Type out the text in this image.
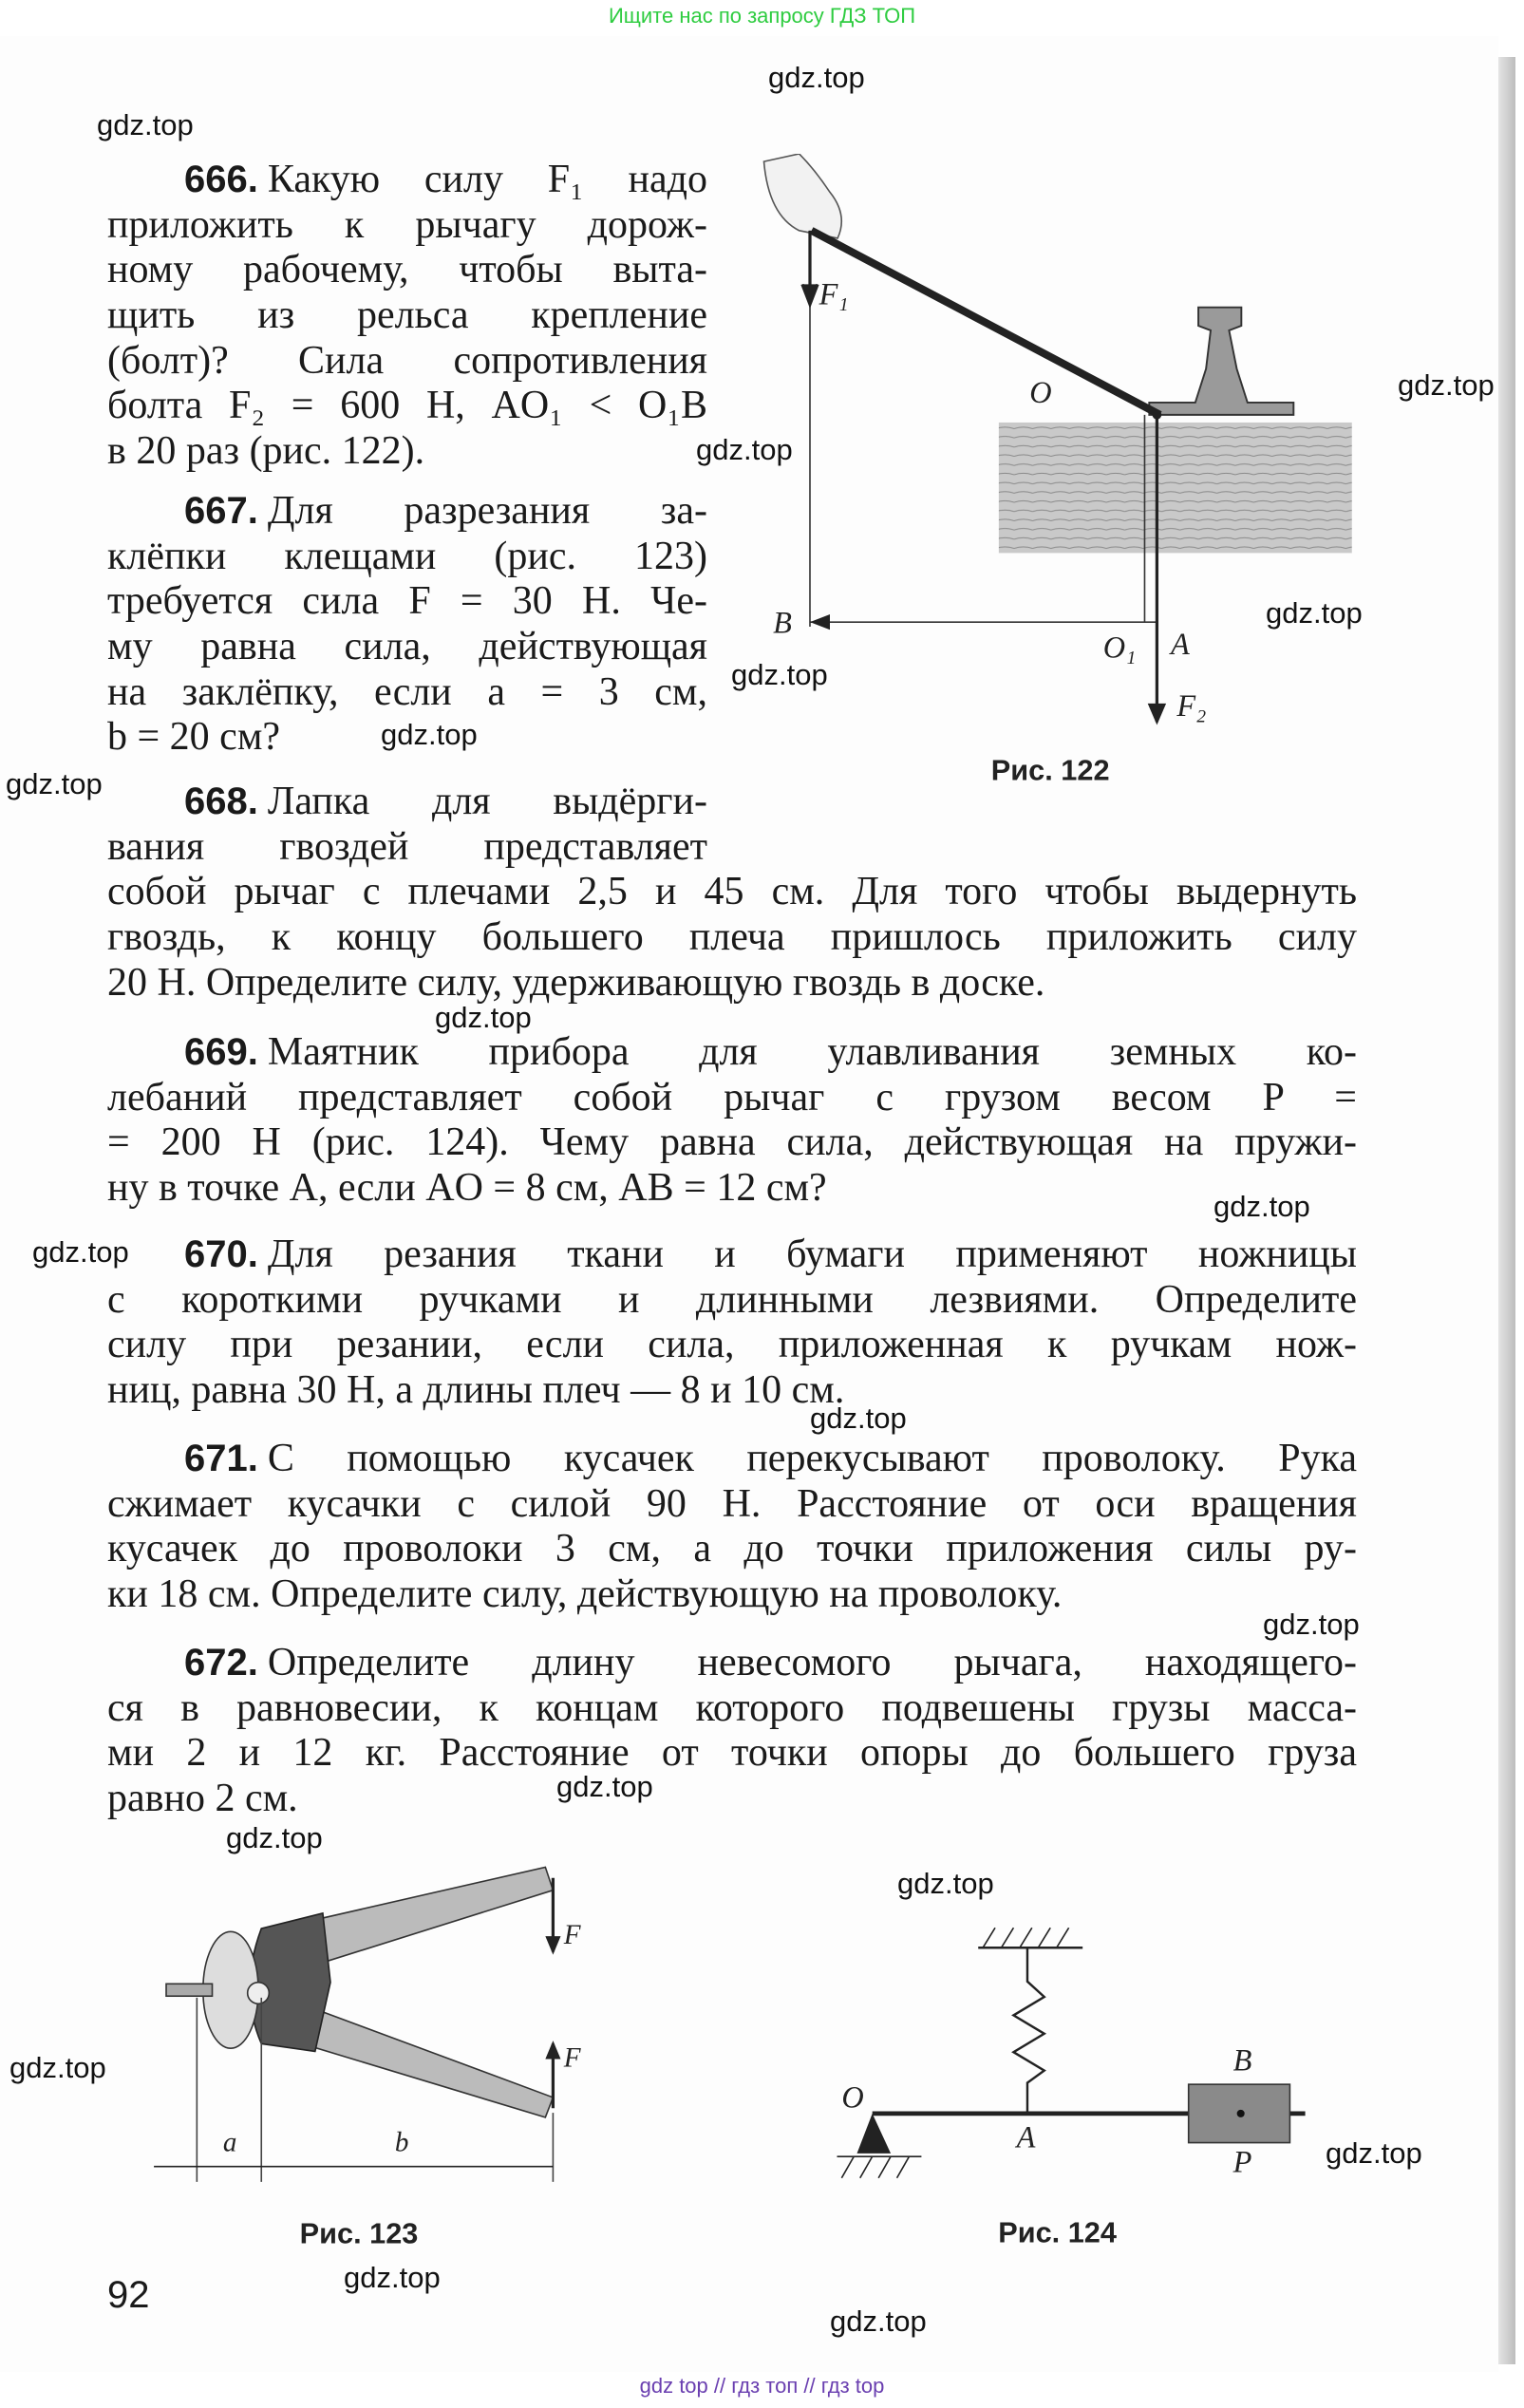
Ищите нас по запросу ГДЗ ТОП
666. Какую силу F₁ надо
приложить к рычагу дорож-
ному рабочему, чтобы выта-
щить из рельса крепление
(болт)? Сила сопротивления
болта F₂ = 600 Н, AO₁ < O₁B
в 20 раз (рис. 122).
667. Для разрезания за-
клёпки клещами (рис. 123)
требуется сила F = 30 Н. Че-
му равна сила, действующая
на заклёпку, если a = 3 см,
b = 20 см?
668. Лапка для выдёрги-
вания гвоздей представляет
собой рычаг с плечами 2,5 и 45 см. Для того чтобы выдернуть
гвоздь, к концу большего плеча пришлось приложить силу
20 Н. Определите силу, удерживающую гвоздь в доске.
669. Маятник прибора для улавливания земных ко-
лебаний представляет собой рычаг с грузом весом P =
= 200 Н (рис. 124). Чему равна сила, действующая на пружи-
ну в точке A, если AO = 8 см, AB = 12 см?
670. Для резания ткани и бумаги применяют ножницы
с короткими ручками и длинными лезвиями. Определите
силу при резании, если сила, приложенная к ручкам нож-
ниц, равна 30 Н, а длины плеч — 8 и 10 см.
671. С помощью кусачек перекусывают проволоку. Рука
сжимает кусачки с силой 90 Н. Расстояние от оси вращения
кусачек до проволоки 3 см, а до точки приложения силы ру-
ки 18 см. Определите силу, действующую на проволоку.
672. Определите длину невесомого рычага, находящего-
ся в равновесии, к концам которого подвешены грузы масса-
ми 2 и 12 кг. Расстояние от точки опоры до большего груза
равно 2 см.
F₁
O
B
O₁ A
F₂
Рис. 122
F
F
a	b
Рис. 123
O
A
B
P
Рис. 124
92
gdz.top
gdz.top
gdz.top
gdz.top
gdz.top
gdz.top
gdz.top
gdz.top
gdz.top
gdz.top
gdz.top
gdz.top
gdz.top
gdz.top
gdz.top
gdz.top
gdz.top
gdz.top
gdz.top
gdz.top
gdz top // гдз топ // гдз top
